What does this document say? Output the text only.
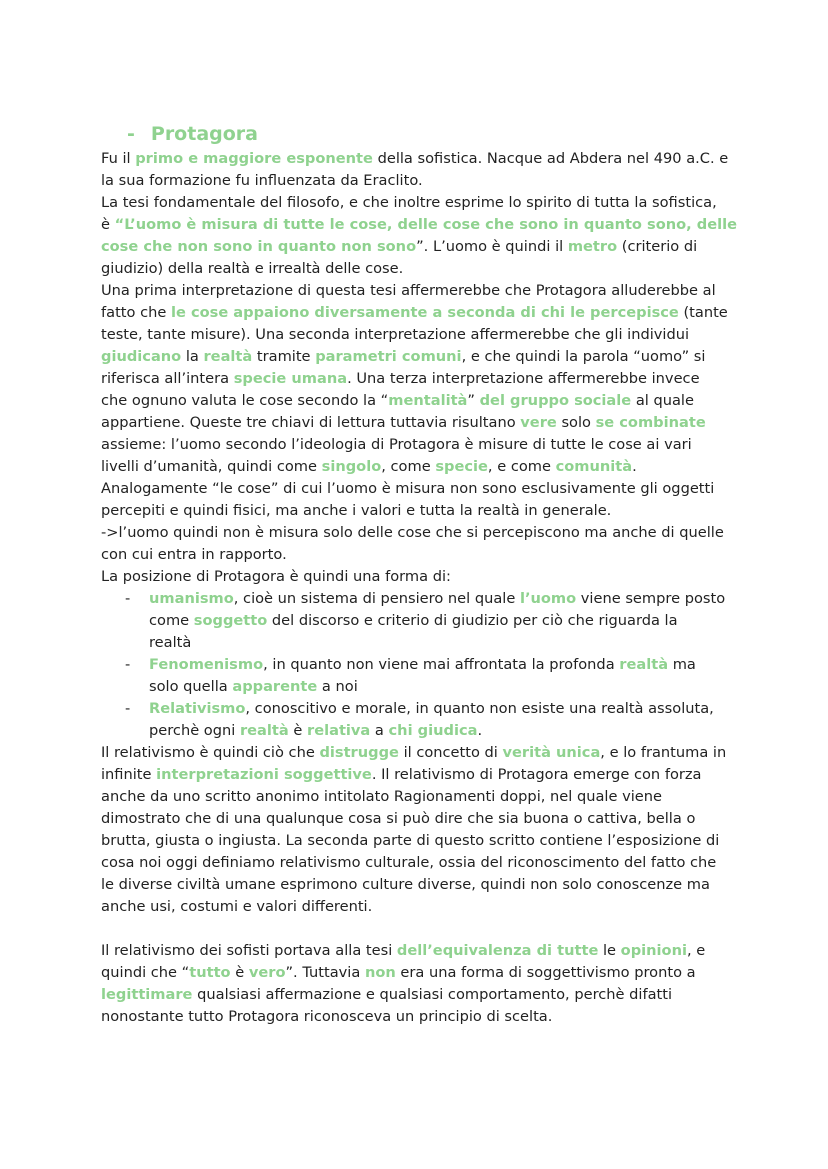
- Protagora
Fu il primo e maggiore esponente della sofistica. Nacque ad Abdera nel 490 a.C. e
la sua formazione fu influenzata da Eraclito.
La tesi fondamentale del filosofo, e che inoltre esprime lo spirito di tutta la sofistica,
è “L’uomo è misura di tutte le cose, delle cose che sono in quanto sono, delle
cose che non sono in quanto non sono”. L’uomo è quindi il metro (criterio di
giudizio) della realtà e irrealtà delle cose.
Una prima interpretazione di questa tesi affermerebbe che Protagora alluderebbe al
fatto che le cose appaiono diversamente a seconda di chi le percepisce (tante
teste, tante misure). Una seconda interpretazione affermerebbe che gli individui
giudicano la realtà tramite parametri comuni, e che quindi la parola “uomo” si
riferisca all’intera specie umana. Una terza interpretazione affermerebbe invece
che ognuno valuta le cose secondo la “mentalità” del gruppo sociale al quale
appartiene. Queste tre chiavi di lettura tuttavia risultano vere solo se combinate
assieme: l’uomo secondo l’ideologia di Protagora è misure di tutte le cose ai vari
livelli d’umanità, quindi come singolo, come specie, e come comunità.
Analogamente “le cose” di cui l’uomo è misura non sono esclusivamente gli oggetti
percepiti e quindi fisici, ma anche i valori e tutta la realtà in generale.
->l’uomo quindi non è misura solo delle cose che si percepiscono ma anche di quelle
con cui entra in rapporto.
La posizione di Protagora è quindi una forma di:
umanismo, cioè un sistema di pensiero nel quale l’uomo viene sempre posto
-
come soggetto del discorso e criterio di giudizio per ciò che riguarda la
realtà
Fenomenismo, in quanto non viene mai affrontata la profonda realtà ma
-
solo quella apparente a noi
Relativismo, conoscitivo e morale, in quanto non esiste una realtà assoluta,
-
perchè ogni realtà è relativa a chi giudica.
Il relativismo è quindi ciò che distrugge il concetto di verità unica, e lo frantuma in
infinite interpretazioni soggettive. Il relativismo di Protagora emerge con forza
anche da uno scritto anonimo intitolato Ragionamenti doppi, nel quale viene
dimostrato che di una qualunque cosa si può dire che sia buona o cattiva, bella o
brutta, giusta o ingiusta. La seconda parte di questo scritto contiene l’esposizione di
cosa noi oggi definiamo relativismo culturale, ossia del riconoscimento del fatto che
le diverse civiltà umane esprimono culture diverse, quindi non solo conoscenze ma
anche usi, costumi e valori differenti.
Il relativismo dei sofisti portava alla tesi dell’equivalenza di tutte le opinioni, e
quindi che “tutto è vero”. Tuttavia non era una forma di soggettivismo pronto a
legittimare qualsiasi affermazione e qualsiasi comportamento, perchè difatti
nonostante tutto Protagora riconosceva un principio di scelta.
